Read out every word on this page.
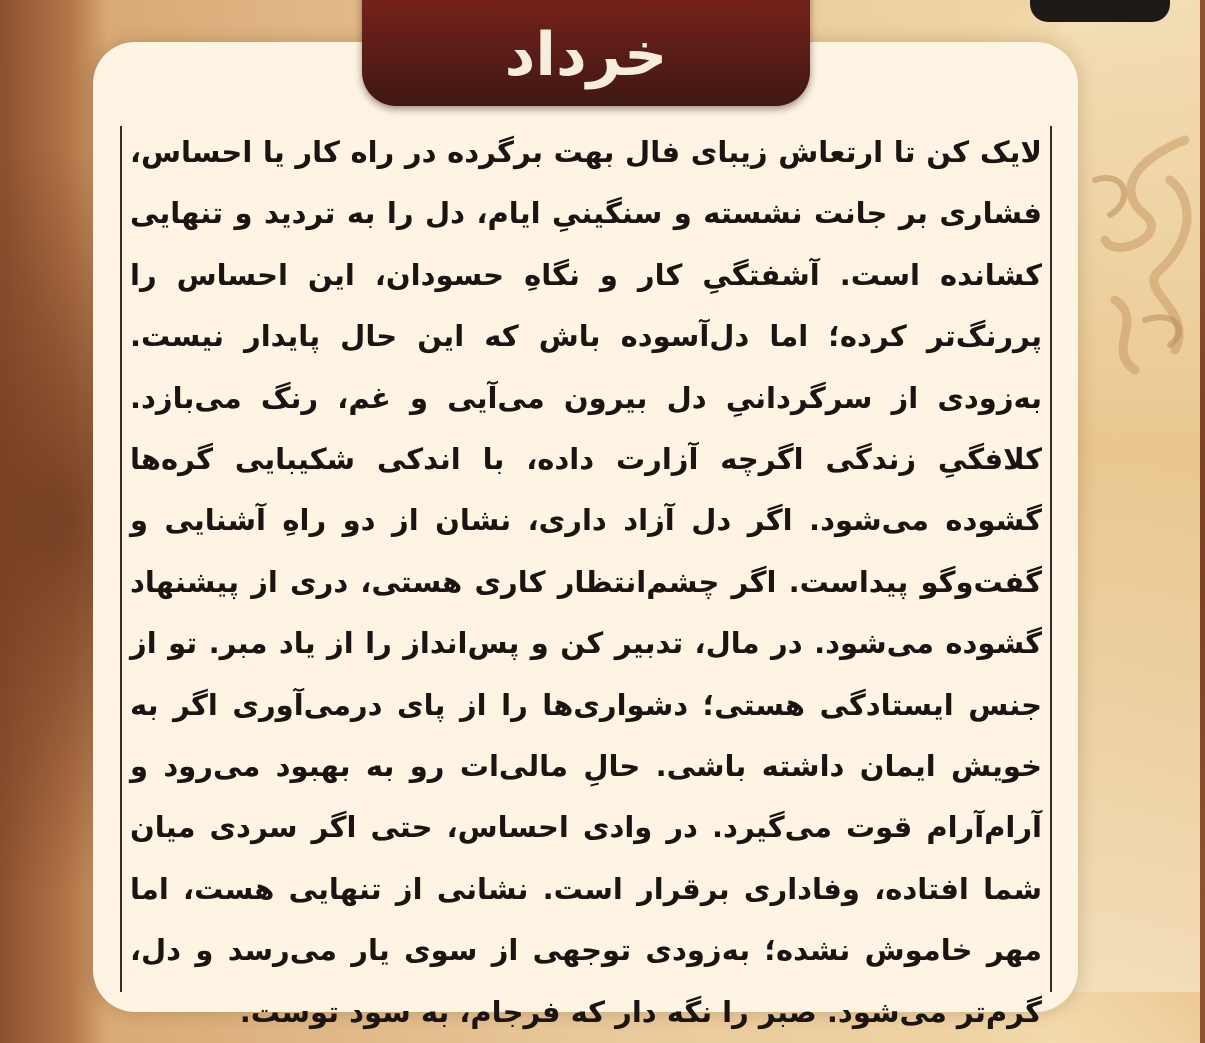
خرداد

لایک کن تا ارتعاش زیبای فال بهت برگرده در راه کار یا احساس، فشاری بر جانت نشسته و سنگینیِ ایام، دل را به تردید و تنهایی کشانده است. آشفتگیِ کار و نگاهِ حسودان، این احساس را پررنگ‌تر کرده؛ اما دل‌آسوده باش که این حال پایدار نیست. به‌زودی از سرگردانیِ دل بیرون می‌آیی و غم، رنگ می‌بازد. کلافگیِ زندگی اگرچه آزارت داده، با اندکی شکیبایی گره‌ها گشوده می‌شود. اگر دل آزاد داری، نشان از دو راهِ آشنایی و گفت‌وگو پیداست. اگر چشم‌انتظار کاری هستی، دری از پیشنهاد گشوده می‌شود. در مال، تدبیر کن و پس‌انداز را از یاد مبر. تو از جنس ایستادگی هستی؛ دشواری‌ها را از پای درمی‌آوری اگر به خویش ایمان داشته باشی. حالِ مالی‌ات رو به بهبود می‌رود و آرام‌آرام قوت می‌گیرد. در وادی احساس، حتی اگر سردی میان شما افتاده، وفاداری برقرار است. نشانی از تنهایی هست، اما مهر خاموش نشده؛ به‌زودی توجهی از سوی یار می‌رسد و دل، گرم‌تر می‌شود. صبر را نگه دار که فرجام، به سود توست.
